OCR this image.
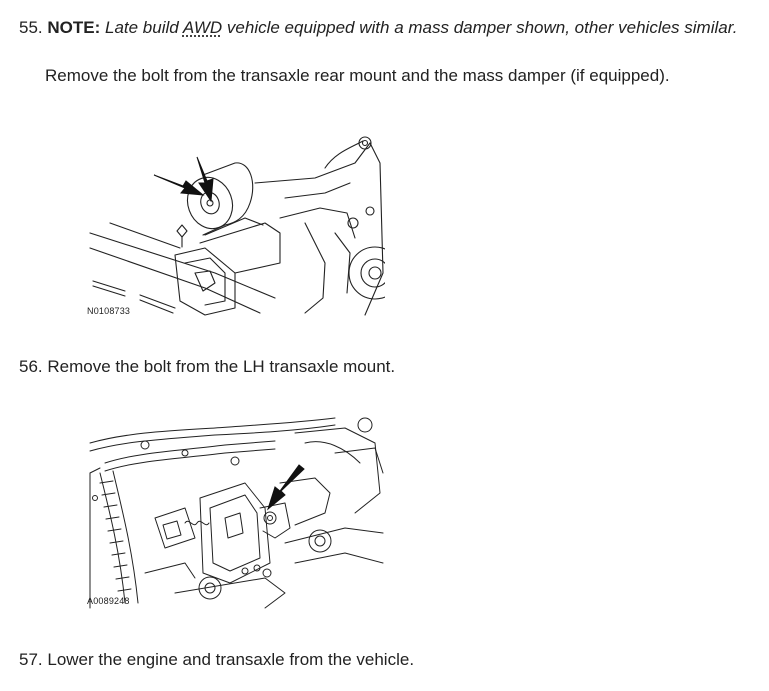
55. NOTE: Late build AWD vehicle equipped with a mass damper shown, other vehicles similar.
Remove the bolt from the transaxle rear mount and the mass damper (if equipped).
N0108733
56. Remove the bolt from the LH transaxle mount.
A0089248
57. Lower the engine and transaxle from the vehicle.
